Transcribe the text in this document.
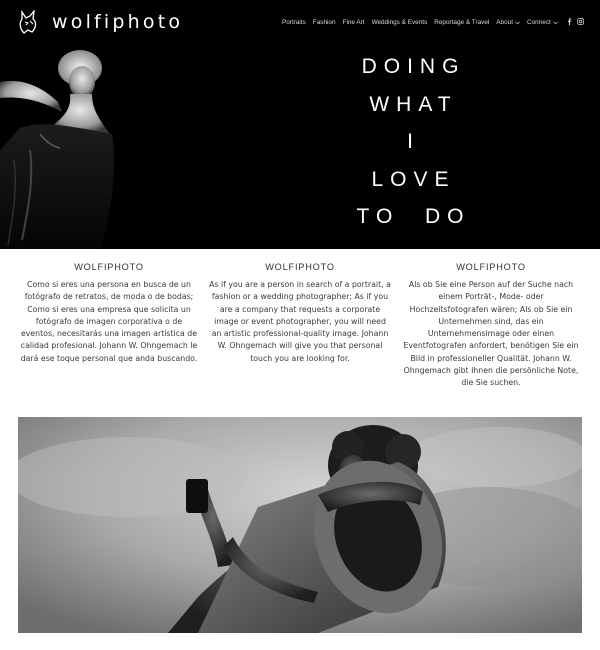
wolfiphoto	Portraits Fashion Fine Art Weddings & Events Reportage & Travel About Connect
DOING
WHAT
I
LOVE
TO  DO
WOLFIPHOTO

Como si eres una persona en busca de un fotógrafo de retratos, de moda o de bodas; Como si eres una empresa que solicita un fotógrafo de imagen corporativa o de eventos, necesitarás una imagen artística de calidad profesional. Johann W. Ohngemach le dará ese toque personal que anda buscando.

WOLFIPHOTO

As if you are a person in search of a portrait, a fashion or a wedding photographer; As if you are a company that requests a corporate image or event photographer, you will need an artistic professional-quality image. Johann W. Ohngemach will give you that personal touch you are looking for.

WOLFIPHOTO

Als ob Sie eine Person auf der Suche nach einem Porträt-, Mode- oder Hochzeitsfotografen wären; Als ob Sie ein Unternehmen sind, das ein Unternehmensimage oder einen Eventfotografen anfordert, benötigen Sie ein Bild in professioneller Qualität. Johann W. Ohngemach gibt Ihnen die persönliche Note, die Sie suchen.
